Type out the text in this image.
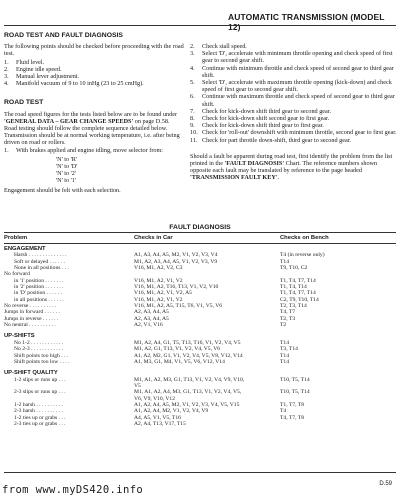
AUTOMATIC TRANSMISSION (MODEL 12)
ROAD TEST AND FAULT DIAGNOSIS

The following points should be checked before proceeding with the road test.

1. Fluid level.
2. Engine idle speed.
3. Manual lever adjustment.
4. Manifold vacuum of 9 to 10 inHg (23 to 25 cmHg).
ROAD TEST

The road speed figures for the tests listed below are to be found under 'GENERAL DATA – GEAR CHANGE SPEEDS' on page D.58.

Road testing should follow the complete sequence detailed below. Transmission should be at normal working temperature, i.e. after being driven on road or rollers.

1. With brakes applied and engine idling, move selector from:
'N' to 'R'
'N' to 'D'
'N' to '2'
'N' to '1'

Engagement should be felt with each selection.

2. Check stall speed.
3. Select 'D', accelerate with minimum throttle opening and check speed of first gear to second gear shift.
4. Continue with minimum throttle and check speed of second gear to third gear shift.
5. Select 'D', accelerate with maximum throttle opening (kick-down) and check speed of first gear to second gear shift.
6. Continue with maximum throttle and check speed of second gear to third gear shift.
7. Check for kick-down shift third gear to second gear.
8. Check for kick-down shift second gear to first gear.
9. Check for kick-down shift third gear to first gear.
10. Check for 'roll-out' downshift with minimum throttle, second gear to first gear.
11. Check for part throttle down-shift, third gear to second gear.

Should a fault be apparent during road test, first identify the problem from the list printed in the 'FAULT DIAGNOSIS' Chart. The reference numbers shown opposite each fault may be translated by reference to the page headed 'TRANSMISSION FAULT KEY'.

FAULT DIAGNOSIS
Problem	Checks in Car	Checks on Bench
ENGAGEMENT
Harsh . . . . . . . . . . . . . .	A1, A3, A4, A5, M2, V1, V2, V3, V4	T4 (in reverse only)
Soft or delayed . . . . . .	M1, A2, A3, A4, A5, V1, V2, V3, V9	T14
None in all positions . . .	V16, M1, A2, V2, C3	T9, T10, C2
No forward
in '1' position . . . . . . .	V16, M1, A2, V1, V2	T1, T4, T7, T14
in '2' position . . . . . . .	V16, M1, A2, T16, T13, V1, V2, V10	T1, T4, T14
in 'D' position . . . . . .	V16, M1, A2, V1, V2, A5	T1, T4, T7, T14
in all positions . . . . . .	V16, M1, A2, V1, V2	C2, T9, T10, T14
No reverse . . . . . . . . . .	V16, M1, A2, A5, T15, T6, V1, V5, V6	T2, T3, T14
Jumps in forward . . . . . .	A2, A3, A4, A5	T4, T7
Jumps in reverse . . . . . .	A2, A3, A4, A5	T2, T3
No neutral . . . . . . . . . .	A2, V1, V16	T2
UP-SHIFTS
No 1-2 . . . . . . . . . . . .	M1, A2, A4, G1, T5, T13, T16, V1, V2, V4, V5	T14
No 2-3 . . . . . . . . . . . .	M1, A2, G1, T13, V1, V2, V4, V5, V6	T3, T14
Shift points too high . . .	A1, A2, M2, G1, V1, V2, V4, V5, V8, V12, V14	T14
Shift points too low . . . .	A1, M3, G1, M4, V1, V5, V6, V12, V14	T14
UP-SHIFT QUALITY
1-2 slips or runs up . . .	M1, A1, A2, M3, G1, T13, V1, V2, V4, V9, V10,	T10, T5, T14
V5
2-3 slips or runs up . . .	M1, A1, A2, A4, M3, G1, T13, V1, V2, V4, V5,	T10, T5, T14
V6, V9, V10, V12
1-2 harsh . . . . . . . . . .	A1, A2, A4, A5, M2, V1, V2, V3, V4, V5, V15	T1, T7, T8
2-3 harsh . . . . . . . . . .	A1, A2, A4, M2, V1, V2, V4, V9	T4
1-2 ties up or grabs . . .	A4, A5, V1, V5, T16	T4, T7, T8
2-3 ties up or grabs . . .	A2, A4, T13, V17, T15
D.59
from www.myDS420.info
